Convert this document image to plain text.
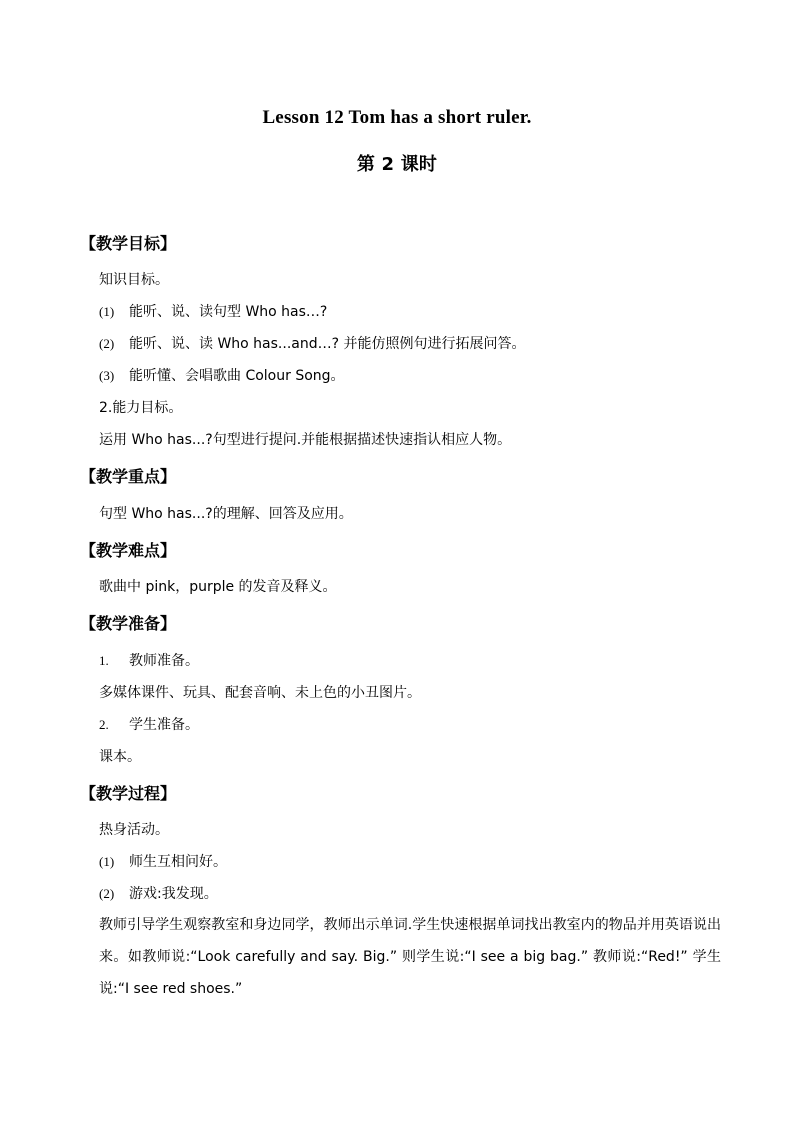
Lesson 12 Tom has a short ruler.
第 2 课时
【教学目标】
知识目标。
(1) 能听、说、读句型 Who has…?
(2) 能听、说、读 Who has...and…? 并能仿照例句进行拓展问答。
(3) 能听懂、会唱歌曲 Colour Song。
2.能力目标。
运用 Who has...?句型进行提问.并能根据描述快速指认相应人物。
【教学重点】
句型 Who has...?的理解、回答及应用。
【教学难点】
歌曲中 pink，purple 的发音及释义。
【教学准备】
1. 教师准备。
多媒体课件、玩具、配套音响、未上色的小丑图片。
2. 学生准备。
课本。
【教学过程】
热身活动。
(1) 师生互相问好。
(2) 游戏:我发现。
教师引导学生观察教室和身边同学，教师出示单词.学生快速根据单词找出教室内的物品并用英语说出来。如教师说:“Look carefully and say. Big.” 则学生说:“I see a big bag.” 教师说:“Red!” 学生说:“I see red shoes.”
